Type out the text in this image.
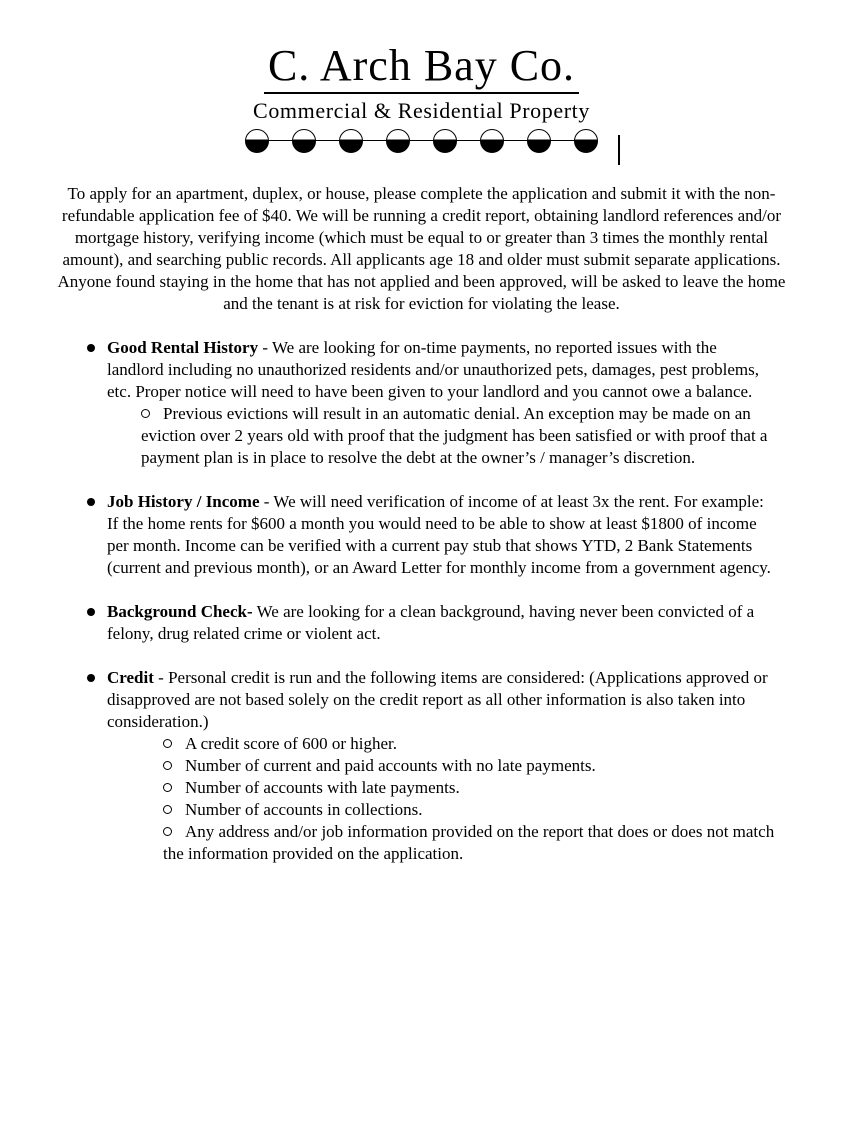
C. Arch Bay Co.
Commercial & Residential Property
To apply for an apartment, duplex, or house, please complete the application and submit it with the non-refundable application fee of $40. We will be running a credit report, obtaining landlord references and/or mortgage history, verifying income (which must be equal to or greater than 3 times the monthly rental amount), and searching public records. All applicants age 18 and older must submit separate applications. Anyone found staying in the home that has not applied and been approved, will be asked to leave the home and the tenant is at risk for eviction for violating the lease.
Good Rental History - We are looking for on-time payments, no reported issues with the landlord including no unauthorized residents and/or unauthorized pets, damages, pest problems, etc. Proper notice will need to have been given to your landlord and you cannot owe a balance.
Previous evictions will result in an automatic denial. An exception may be made on an eviction over 2 years old with proof that the judgment has been satisfied or with proof that a payment plan is in place to resolve the debt at the owner’s / manager’s discretion.
Job History / Income - We will need verification of income of at least 3x the rent. For example: If the home rents for $600 a month you would need to be able to show at least $1800 of income per month. Income can be verified with a current pay stub that shows YTD, 2 Bank Statements (current and previous month), or an Award Letter for monthly income from a government agency.
Background Check- We are looking for a clean background, having never been convicted of a felony, drug related crime or violent act.
Credit - Personal credit is run and the following items are considered: (Applications approved or disapproved are not based solely on the credit report as all other information is also taken into consideration.)
A credit score of 600 or higher.
Number of current and paid accounts with no late payments.
Number of accounts with late payments.
Number of accounts in collections.
Any address and/or job information provided on the report that does or does not match the information provided on the application.
